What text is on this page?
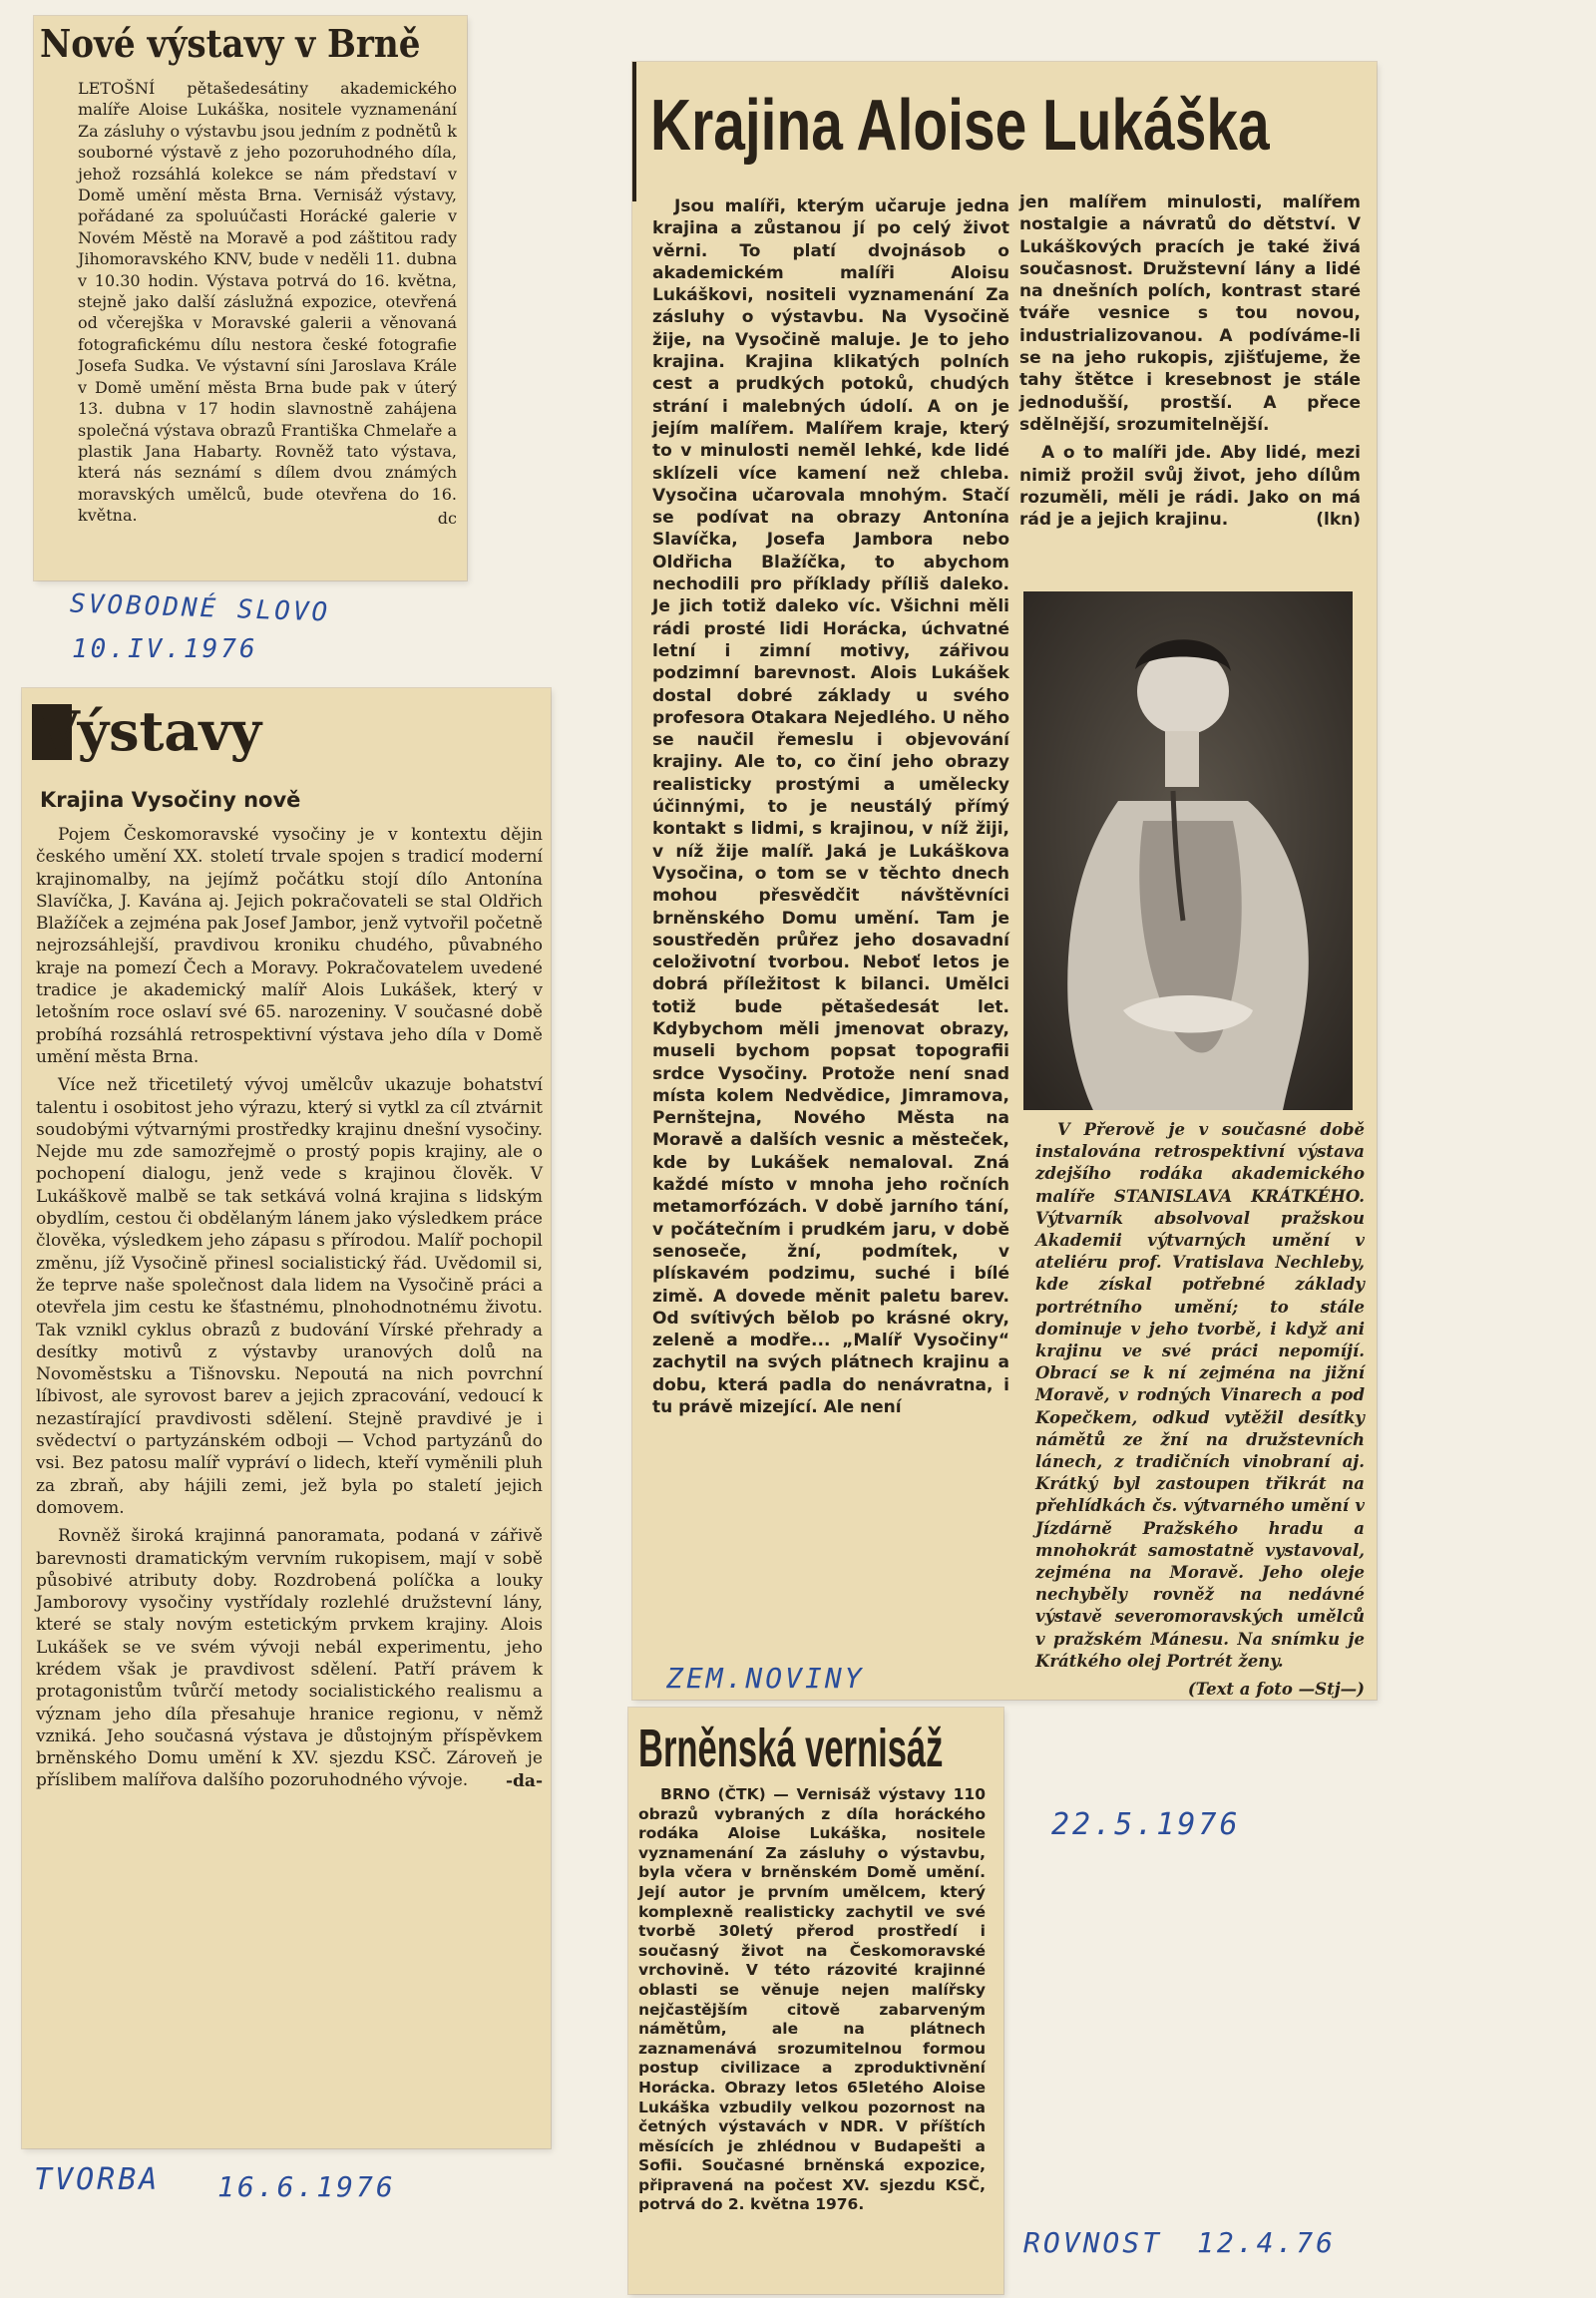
Nové výstavy v Brně

LETOŠNÍ pětašedesátiny akademického malíře Aloise Lukáška, nositele vyznamenání Za zásluhy o výstavbu jsou jedním z podnětů k souborné výstavě z jeho pozoruhodného díla, jehož rozsáhlá kolekce se nám představí v Domě umění města Brna. Vernisáž výstavy, pořádané za spoluúčasti Horácké galerie v Novém Městě na Moravě a pod záštitou rady Jihomoravského KNV, bude v neděli 11. dubna v 10.30 hodin. Výstava potrvá do 16. května, stejně jako další záslužná expozice, otevřená od včerejška v Moravské galerii a věnovaná fotografickému dílu nestora české fotografie Josefa Sudka. Ve výstavní síni Jaroslava Krále v Domě umění města Brna bude pak v úterý 13. dubna v 17 hodin slavnostně zahájena společná výstava obrazů Františka Chmelaře a plastik Jana Habarty. Rovněž tato výstava, která nás seznámí s dílem dvou známých moravských umělců, bude otevřena do 16. května.	dc
SVOBODNÉ SLOVO
10.IV.1976
Výstavy
Krajina Vysočiny nově

Pojem Českomoravské vysočiny je v kontextu dějin českého umění XX. století trvale spojen s tradicí moderní krajinomalby, na jejímž počátku stojí dílo Antonína Slavíčka, J. Kavána aj. Jejich pokračovateli se stal Oldřich Blažíček a zejména pak Josef Jambor, jenž vytvořil početně nejrozsáhlejší, pravdivou kroniku chudého, půvabného kraje na pomezí Čech a Moravy. Pokračovatelem uvedené tradice je akademický malíř Alois Lukášek, který v letošním roce oslaví své 65. narozeniny. V současné době probíhá rozsáhlá retrospektivní výstava jeho díla v Domě umění města Brna.

Více než třicetiletý vývoj umělcův ukazuje bohatství talentu i osobitost jeho výrazu, který si vytkl za cíl ztvárnit soudobými výtvarnými prostředky krajinu dnešní vysočiny. Nejde mu zde samozřejmě o prostý popis krajiny, ale o pochopení dialogu, jenž vede s krajinou člověk. V Lukáškově malbě se tak setkává volná krajina s lidským obydlím, cestou či obdělaným lánem jako výsledkem práce člověka, výsledkem jeho zápasu s přírodou. Malíř pochopil změnu, jíž Vysočině přinesl socialistický řád. Uvědomil si, že teprve naše společnost dala lidem na Vysočině práci a otevřela jim cestu ke šťastnému, plnohodnotnému životu. Tak vznikl cyklus obrazů z budování Vírské přehrady a desítky motivů z výstavby uranových dolů na Novoměstsku a Tišnovsku. Nepoutá na nich povrchní líbivost, ale syrovost barev a jejich zpracování, vedoucí k nezastírající pravdivosti sdělení. Stejně pravdivé je i svědectví o partyzánském odboji — Vchod partyzánů do vsi. Bez patosu malíř vypráví o lidech, kteří vyměnili pluh za zbraň, aby hájili zemi, jež byla po staletí jejich domovem.

Rovněž široká krajinná panoramata, podaná v zářivě barevnosti dramatickým vervním rukopisem, mají v sobě působivé atributy doby. Rozdrobená políčka a louky Jamborovy vysočiny vystřídaly rozlehlé družstevní lány, které se staly novým estetickým prvkem krajiny. Alois Lukášek se ve svém vývoji nebál experimentu, jeho krédem však je pravdivost sdělení. Patří právem k protagonistům tvůrčí metody socialistického realismu a význam jeho díla přesahuje hranice regionu, v němž vzniká. Jeho současná výstava je důstojným příspěvkem brněnského Domu umění k XV. sjezdu KSČ. Zároveň je příslibem malířova dalšího pozoruhodného vývoje.	-da-
TVORBA 16.6.1976
Krajina Aloise Lukáška

Jsou malíři, kterým učaruje jedna krajina a zůstanou jí po celý život věrni. To platí dvojnásob o akademickém malíři Aloisu Lukáškovi, nositeli vyznamenání Za zásluhy o výstavbu. Na Vysočině žije, na Vysočině maluje. Je to jeho krajina. Krajina klikatých polních cest a prudkých potoků, chudých strání i malebných údolí. A on je jejím malířem. Malířem kraje, který to v minulosti neměl lehké, kde lidé sklízeli více kamení než chleba. Vysočina učarovala mnohým. Stačí se podívat na obrazy Antonína Slavíčka, Josefa Jambora nebo Oldřicha Blažíčka, to abychom nechodili pro příklady příliš daleko. Je jich totiž daleko víc. Všichni měli rádi prosté lidi Horácka, úchvatné letní i zimní motivy, zářivou podzimní barevnost. Alois Lukášek dostal dobré základy u svého profesora Otakara Nejedlého. U něho se naučil řemeslu i objevování krajiny. Ale to, co činí jeho obrazy realisticky prostými a umělecky účinnými, to je neustálý přímý kontakt s lidmi, s krajinou, v níž žiji, v níž žije malíř. Jaká je Lukáškova Vysočina, o tom se v těchto dnech mohou přesvědčit návštěvníci brněnského Domu umění. Tam je soustředěn průřez jeho dosavadní celoživotní tvorbou. Neboť letos je dobrá příležitost k bilanci. Umělci totiž bude pětašedesát let. Kdybychom měli jmenovat obrazy, museli bychom popsat topografii srdce Vysočiny. Protože není snad místa kolem Nedvědice, Jimramova, Pernštejna, Nového Města na Moravě a dalších vesnic a městeček, kde by Lukášek nemaloval. Zná každé místo v mnoha jeho ročních metamorfózách. V době jarního tání, v počátečním i prudkém jaru, v době senoseče, žní, podmítek, v plískavém podzimu, suché i bílé zimě. A dovede měnit paletu barev. Od svítivých bělob po krásné okry, zeleně a modře... „Malíř Vysočiny“ zachytil na svých plátnech krajinu a dobu, která padla do nenávratna, i tu právě mizející. Ale není

jen malířem minulosti, malířem nostalgie a návratů do dětství. V Lukáškových pracích je také živá současnost. Družstevní lány a lidé na dnešních polích, kontrast staré tváře vesnice s tou novou, industrializovanou. A podíváme-li se na jeho rukopis, zjišťujeme, že tahy štětce i kresebnost je stále jednodušší, prostší. A přece sdělnější, srozumitelnější.

A o to malíři jde. Aby lidé, mezi nimiž prožil svůj život, jeho dílům rozuměli, měli je rádi. Jako on má rád je a jejich krajinu.	(lkn)

V Přerově je v současné době instalována retrospektivní výstava zdejšího rodáka akademického malíře STANISLAVA KRÁTKÉHO. Výtvarník absolvoval pražskou Akademii výtvarných umění v ateliéru prof. Vratislava Nechleby, kde získal potřebné základy portrétního umění; to stále dominuje v jeho tvorbě, i když ani krajinu ve své práci nepomíjí. Obrací se k ní zejména na jižní Moravě, v rodných Vinarech a pod Kopečkem, odkud vytěžil desítky námětů ze žní na družstevních lánech, z tradičních vinobraní aj. Krátký byl zastoupen třikrát na přehlídkách čs. výtvarného umění v Jízdárně Pražského hradu a mnohokrát samostatně vystavoval, zejména na Moravě. Jeho oleje nechyběly rovněž na nedávné výstavě severomoravských umělců v pražském Mánesu. Na snímku je Krátkého olej Portrét ženy.

(Text a foto —Stj—)
ZEM.NOVINY
22.5.1976
Brněnská vernisáž

BRNO (ČTK) — Vernisáž výstavy 110 obrazů vybraných z díla horáckého rodáka Aloise Lukáška, nositele vyznamenání Za zásluhy o výstavbu, byla včera v brněnském Domě umění. Její autor je prvním umělcem, který komplexně realisticky zachytil ve své tvorbě 30letý přerod prostředí i současný život na Českomoravské vrchovině. V této rázovité krajinné oblasti se věnuje nejen malířsky nejčastějším citově zabarveným námětům, ale na plátnech zaznamenává srozumitelnou formou postup civilizace a zproduktivnění Horácka. Obrazy letos 65letého Aloise Lukáška vzbudily velkou pozornost na četných výstavách v NDR. V příštích měsících je zhlédnou v Budapešti a Sofii. Současné brněnská expozice, připravená na počest XV. sjezdu KSČ, potrvá do 2. května 1976.

ROVNOST 12.4.76
